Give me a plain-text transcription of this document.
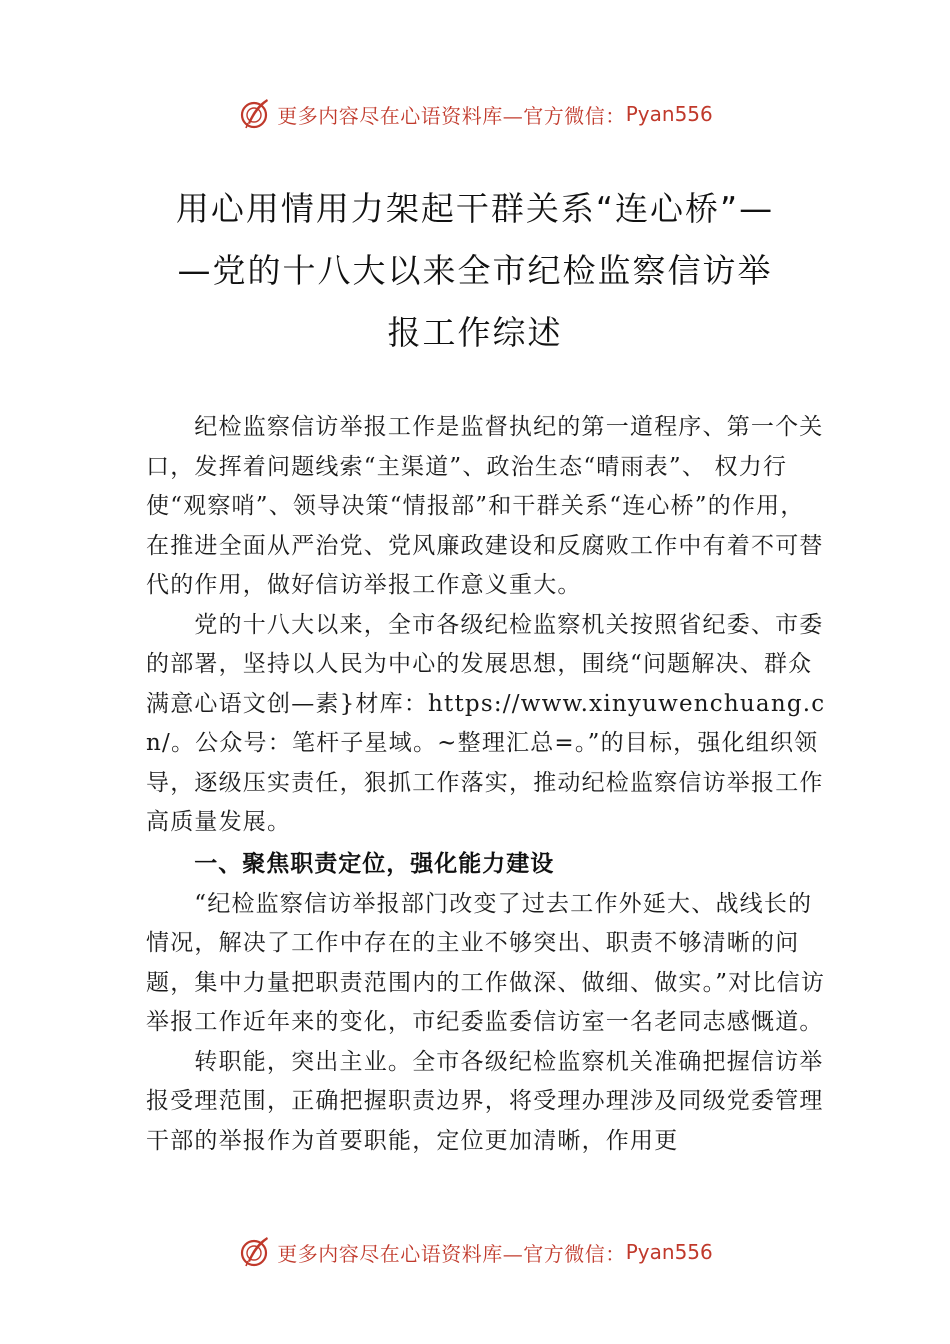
更多内容尽在心语资料库—官方微信： Pyan556
用心用情用力架起干群关系“连心桥”—
—党的十八大以来全市纪检监察信访举
报工作综述

纪检监察信访举报工作是监督执纪的第一道程序、第一个关口，发挥着问题线索“主渠道”、政治生态“晴雨表”、 权力行使“观察哨”、领导决策“情报部”和干群关系“连心桥”的作用，在推进全面从严治党、党风廉政建设和反腐败工作中有着不可替代的作用，做好信访举报工作意义重大。

党的十八大以来，全市各级纪检监察机关按照省纪委、市委的部署，坚持以人民为中心的发展思想，围绕“问题解决、群众满意心语文创—素}材库：https://www.xinyuwenchuang.cn/。公众号：笔杆子星域。~整理汇总=。”的目标，强化组织领导，逐级压实责任，狠抓工作落实，推动纪检监察信访举报工作高质量发展。

一、聚焦职责定位，强化能力建设

“纪检监察信访举报部门改变了过去工作外延大、战线长的情况，解决了工作中存在的主业不够突出、职责不够清晰的问题，集中力量把职责范围内的工作做深、做细、做实。”对比信访举报工作近年来的变化，市纪委监委信访室一名老同志感慨道。

转职能，突出主业。全市各级纪检监察机关准确把握信访举报受理范围，正确把握职责边界，将受理办理涉及同级党委管理干部的举报作为首要职能，定位更加清晰，作用更

更多内容尽在心语资料库—官方微信： Pyan556
